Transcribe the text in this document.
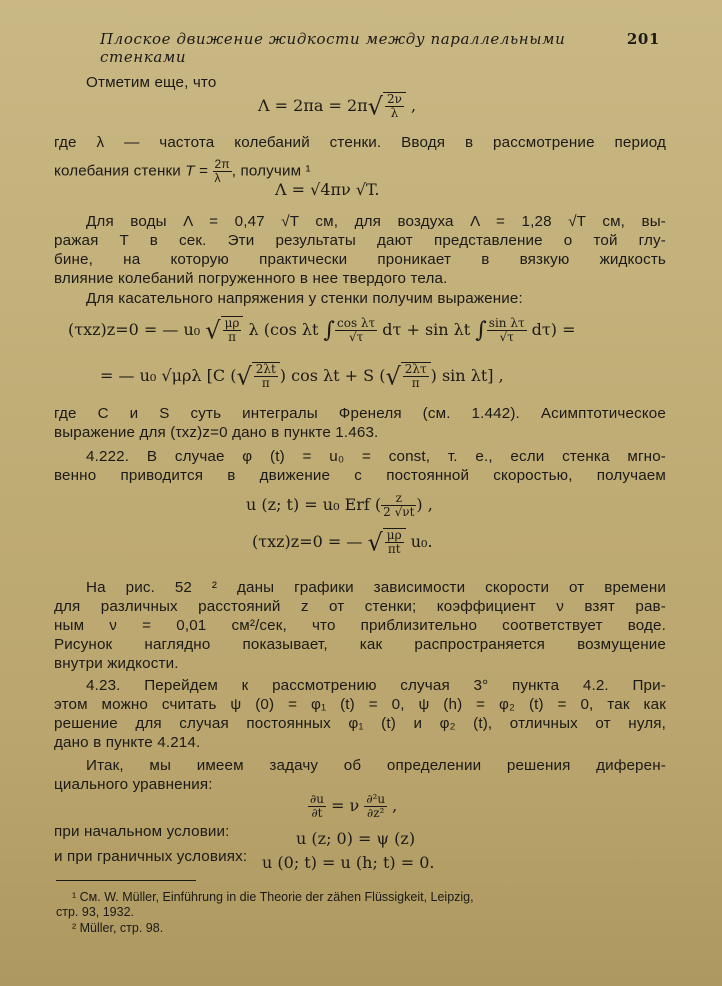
Плоское движение жидкости между параллельными стенками
201
Отметим еще, что
$\Lambda = 2\pi a = 2\pi√ \frac{2\nu}{\lambda}$ ,
где λ — частота колебаний стенки. Вводя в рассмотрение период
колебания стенки $T = \frac{2\pi}{\lambda}$ , получим ¹
Λ = √4πν √T.
Для воды Λ = 0,47 √T см, для воздуха Λ = 1,28 √T см, вы-
ражая T в сек. Эти результаты дают представление о той глу-
бине, на которую практически проникает в вязкую жидкость
влияние колебаний погруженного в нее твердого тела.
Для касательного напряжения у стенки получим выражение:
(τxz)z=0 = — u₀ √ $\frac{\mu\rho}{\pi}$ λ (cos λt ∫ $\frac{\text{cos λτ}}{√\tau}$ dτ + sin λt ∫ $\frac{\text{sin λτ}}{√\tau} d\tau$) =
= — u₀ √μρλ [C (√ $\frac{2\lambda t}{\pi}$ ) cos λt + S (√ $\frac{2\lambda\tau}{\pi}$ ) sin λt] ,
где C и S суть интегралы Френеля (см. 1.442). Асимптотическое
выражение для (τxz)z=0 дано в пункте 1.463.
4.222. В случае φ (t) = u₀ = const, т. е., если стенка мгно-
венно приводится в движение с постоянной скоростью, получаем
u (z; t) = u₀ Erf ( $\frac{z}{2 √\nu t}$ ) ,
(τxz)z=0 = — √ $\frac{\mu\rho}{\pi t} u_0$.
На рис. 52 ² даны графики зависимости скорости от времени
для различных расстояний z от стенки; коэффициент ν взят рав-
ным ν = 0,01 см²/сек, что приблизительно соответствует воде.
Рисунок наглядно показывает, как распространяется возмущение
внутри жидкости.
4.23. Перейдем к рассмотрению случая 3° пункта 4.2. При-
этом можно считать ψ (0) = φ₁ (t) = 0, ψ (h) = φ₂ (t) = 0, так как
решение для случая постоянных φ₁ (t) и φ₂ (t), отличных от нуля,
дано в пункте 4.214.
Итак, мы имеем задачу об определении решения диферен-
циального уравнения:
$\frac{\partial u}{\partial t} = \nu \frac{\text{∂²u}}{\text{∂z²}}$ ,
при начальном условии:	u (z; 0) = ψ (z)
и при граничных условиях: u (0; t) = u (h; t) = 0.
¹ См. W. Müller, Einführung in die Theorie der zähen Flüssigkeit, Leipzig,
стр. 93, 1932.
² Müller, стр. 98.
